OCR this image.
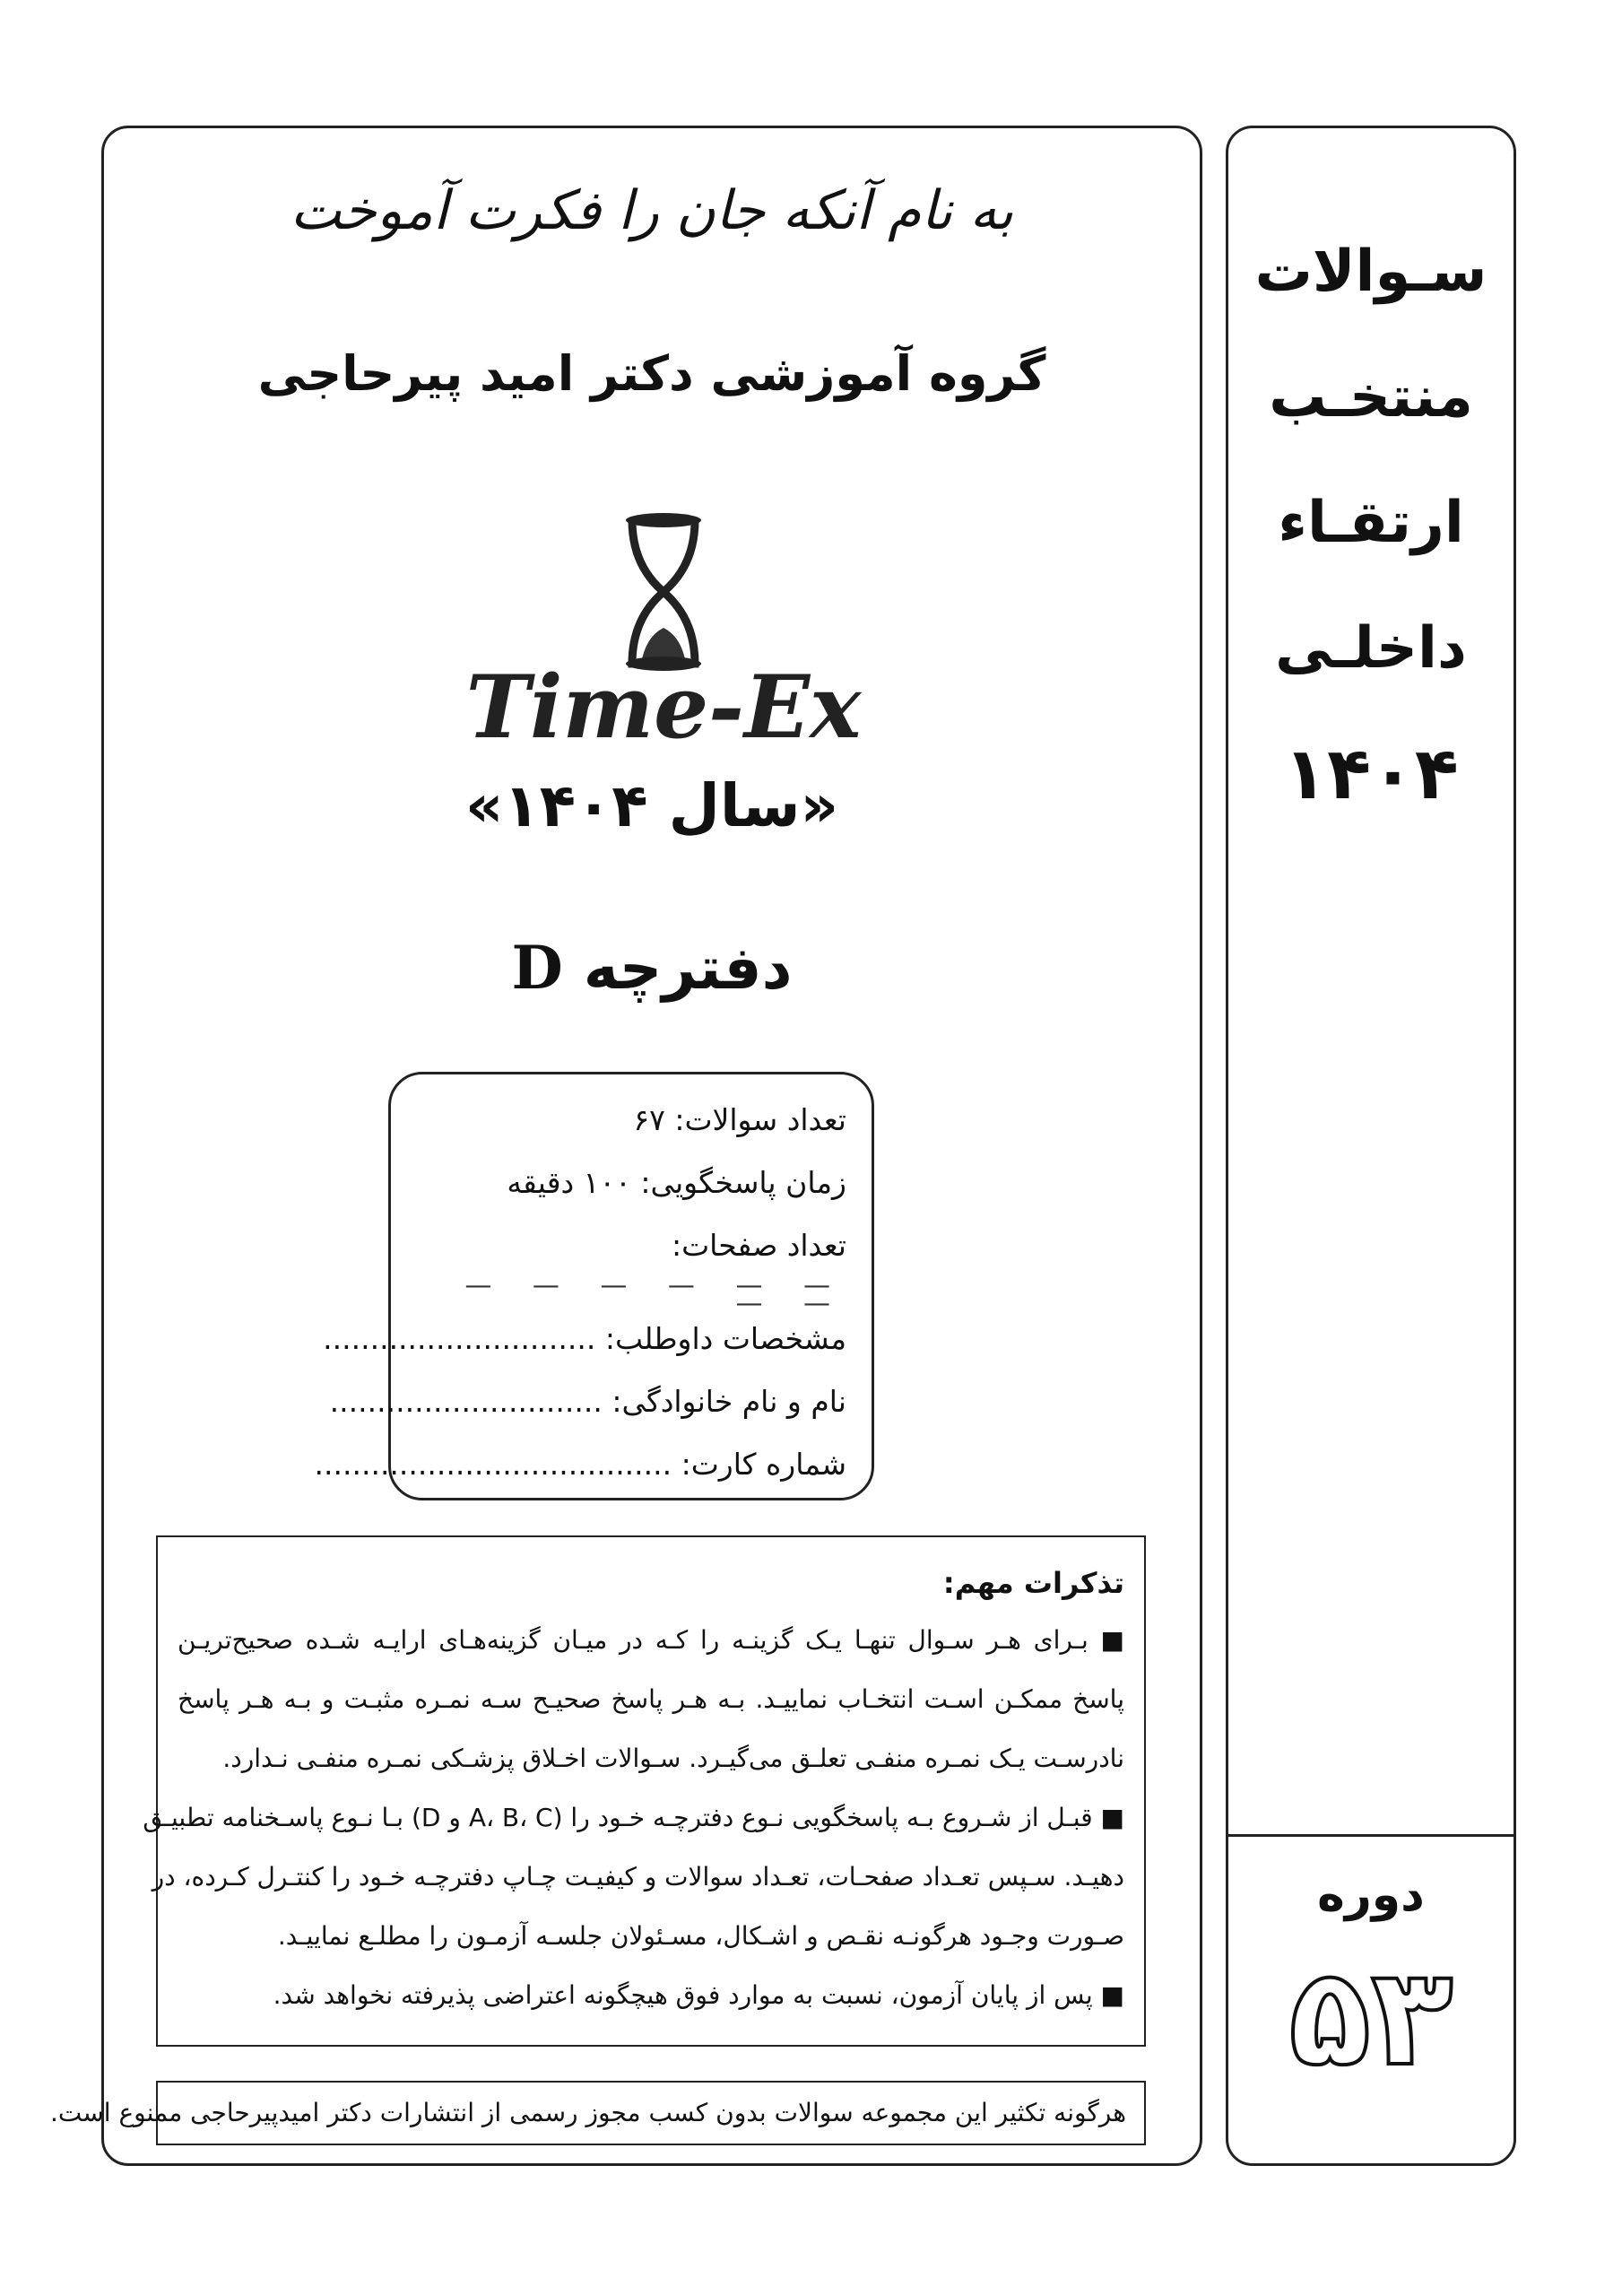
به نام آنکه جان را فکرت آموخت
گروه آموزشی دکتر امید پیرحاجی
Time-Ex
«سال ۱۴۰۴»
دفترچه D
تعداد سوالات: ۶۷
زمان پاسخگویی: ۱۰۰ دقیقه
تعداد صفحات:
— — — — — — — —
مشخصات داوطلب: .............................
نام و نام خانوادگی: .............................
شماره کارت: ......................................
تذکرات مهم:
■ بـرای هـر سـوال تنهـا یـک گزینـه را کـه در میـان گزینه‌هـای ارایـه شـده صحیح‌تریـن
پاسخ ممکـن اسـت انتخـاب نماییـد. بـه هـر پاسخ صحیـح سـه نمـره مثبـت و بـه هـر پاسخ
نادرسـت یـک نمـره منفـی تعلـق می‌گیـرد. سـوالات اخـلاق پزشـکی نمـره منفـی نـدارد.
■ قبـل از شـروع بـه پاسخگویی نـوع دفترچـه خـود را (A، B، C و D) بـا نـوع پاسـخنامه تطبیـق
دهیـد. سـپس تعـداد صفحـات، تعـداد سوالات و کیفیـت چـاپ دفترچـه خـود را کنتـرل کـرده، در
صـورت وجـود هرگونـه نقـص و اشـکال، مسـئولان جلسـه آزمـون را مطلـع نماییـد.
■ پس از پایان آزمون، نسبت به موارد فوق هیچگونه اعتراضی پذیرفته نخواهد شد.
هرگونه تکثیر این مجموعه سوالات بدون کسب مجوز رسمی از انتشارات دکتر امیدپیرحاجی ممنوع است.
سـوالات
منتخـب
ارتقـاء
داخلـی
۱۴۰۴
دوره
۵۳
